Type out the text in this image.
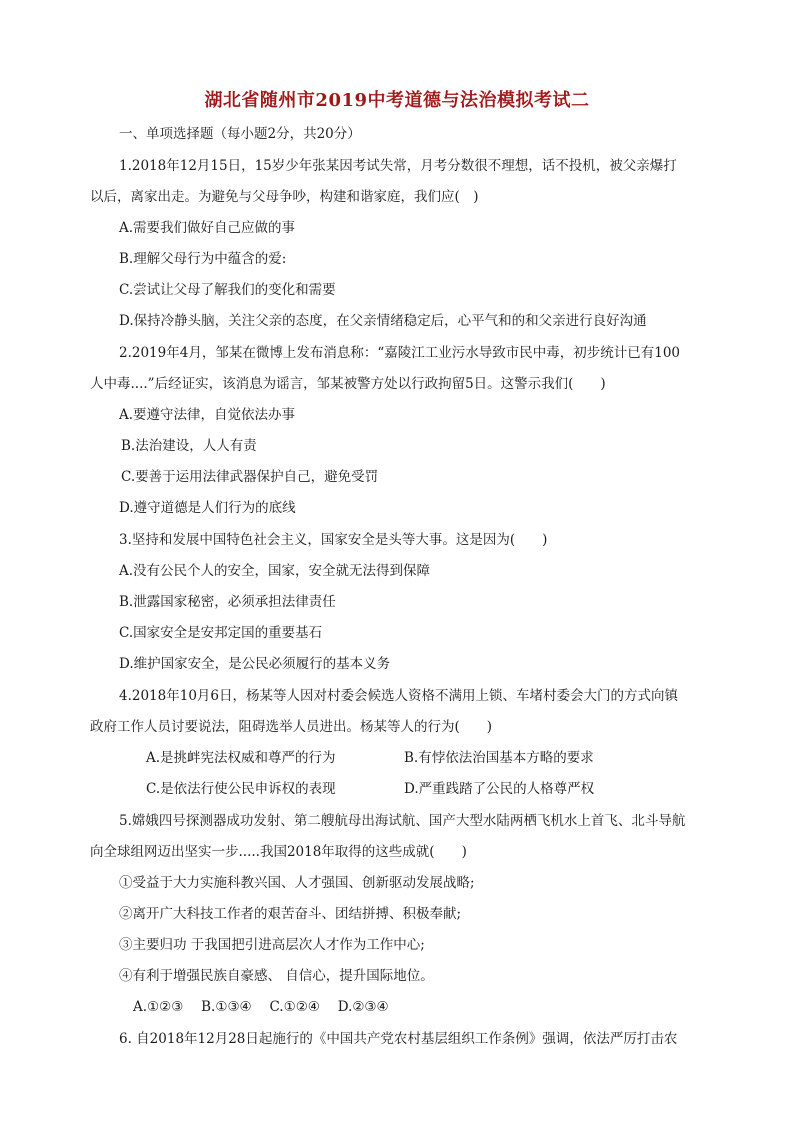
湖北省随州市2019中考道德与法治模拟考试二
一、单项选择题（每小题2分，共20分）
1.2018年12月15日，15岁少年张某因考试失常，月考分数很不理想，话不投机，被父亲爆打
以后，离家出走。为避免与父母争吵，构建和谐家庭，我们应(　)
A.需要我们做好自己应做的事
B.理解父母行为中蕴含的爱:
C.尝试让父母了解我们的变化和需要
D.保持冷静头脑，关注父亲的态度，在父亲情绪稳定后，心平气和的和父亲进行良好沟通
2.2019年4月，邹某在微博上发布消息称：“嘉陵江工业污水导致市民中毒，初步统计已有100
人中毒....”后经证实，该消息为谣言，邹某被警方处以行政拘留5日。这警示我们(　　)
A.要遵守法律，自觉依法办事
B.法治建设，人人有责
C.要善于运用法律武器保护自己，避免受罚
D.遵守道德是人们行为的底线
3.坚持和发展中国特色社会主义，国家安全是头等大事。这是因为(　　)
A.没有公民个人的安全，国家，安全就无法得到保障
B.泄露国家秘密，必须承担法律责任
C.国家安全是安邦定国的重要基石
D.维护国家安全，是公民必须履行的基本义务
4.2018年10月6日，杨某等人因对村委会候选人资格不满用上锁、车堵村委会大门的方式向镇
政府工作人员讨要说法，阻碍选举人员进出。杨某等人的行为(　　)
A.是挑衅宪法权威和尊严的行为	B.有悖依法治国基本方略的要求
C.是依法行使公民申诉权的表现	D.严重践踏了公民的人格尊严权
5.嫦娥四号探测器成功发射、第二艘航母出海试航、国产大型水陆两栖飞机水上首飞、北斗导航
向全球组网迈出坚实一步.....我国2018年取得的这些成就(　　)
①受益于大力实施科教兴国、人才强国、创新驱动发展战略;
②离开广大科技工作者的艰苦奋斗、团结拼搏、积极奉献;
③主要归功 于我国把引进高层次人才作为工作中心;
④有利于增强民族自豪感、 自信心，提升国际地位。
A.①②③　 B.①③④　 C.①②④　 D.②③④
6. 自2018年12月28日起施行的《中国共产党农村基层组织工作条例》强调，依法严厉打击农
